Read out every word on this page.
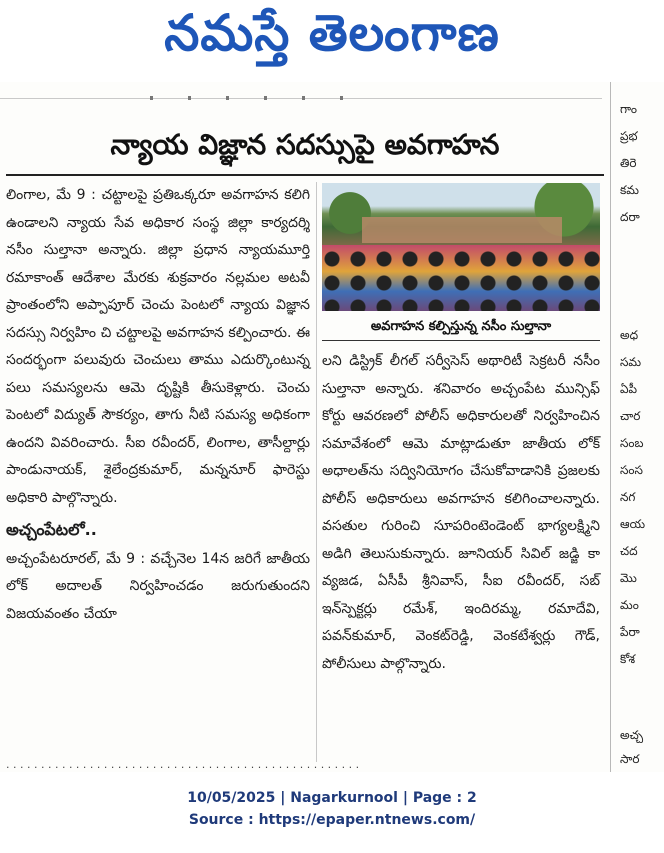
నమస్తే తెలంగాణ
గాం
ప్రభ
తిరె
కమ
దరా
అధ
సమ
ఏపీ
చార
సంబ
సంస
నగ
ఆయ
చద
మొ
మం
పేరా
కోశ
అచ్చ
సార
న్యాయ విజ్ఞాన సదస్సుపై అవగాహన

లింగాల, మే 9 : చట్టాలపై ప్రతిఒక్కరూ అవగాహన కలిగి ఉండాలని న్యాయ సేవ అధికార సంస్థ జిల్లా కార్యదర్శి నసీం సుల్తానా అన్నారు. జిల్లా ప్రధాన న్యాయమూర్తి రమాకాంత్ ఆదేశాల మేరకు శుక్రవారం నల్లమల అటవీ ప్రాంతంలోని అప్పాపూర్ చెంచు పెంటలో న్యాయ విజ్ఞాన సదస్సు నిర్వహిం చి చట్టాలపై అవగాహన కల్పించారు. ఈ సందర్భంగా పలువురు చెంచులు తాము ఎదుర్కొంటున్న పలు సమస్యలను ఆమె దృష్టికి తీసుకెళ్లారు. చెంచు పెంటలో విద్యుత్ సౌకర్యం, తాగు నీటి సమస్య అధికంగా ఉందని వివరించారు. సీఐ రవీందర్, లింగాల, తాసీల్దార్లు పాండునాయక్, శైలేంద్రకుమార్, మన్ననూర్ ఫారెస్టు అధికారి పాల్గొన్నారు.

అచ్చంపేటలో..

అచ్చంపేటరూరల్, మే 9 : వచ్చేనెల 14న జరిగే జాతీయ లోక్ అదాలత్ నిర్వహించడం జరుగుతుందని విజయవంతం చేయా

అవగాహన కల్పిస్తున్న నసీం సుల్తానా

లని డిస్ట్రిక్ లీగల్ సర్వీసెస్ అథారిటీ సెక్రటరీ నసీం సుల్తానా అన్నారు. శనివారం అచ్చంపేట మున్సిఫ్ కోర్టు ఆవరణలో పోలీస్ అధికారులతో నిర్వహించిన సమావేశంలో ఆమె మాట్లాడుతూ జాతీయ లోక్ అధాలత్‌ను సద్వినియోగం చేసుకోవాడానికి ప్రజలకు పోలీస్ అధికారులు అవగాహన కలిగించాలన్నారు. వసతుల గురించి సూపరింటెండెంట్ భాగ్యలక్ష్మిని అడిగి తెలుసుకున్నారు. జూనియర్ సివిల్ జడ్జి కా వ్యజడ, ఏసీపీ శ్రీనివాస్, సీఐ రవీందర్, సబ్ ఇన్‌స్పెక్టర్లు రమేశ్, ఇందిరమ్మ, రమాదేవి, పవన్‌కుమార్, వెంకట్‌రెడ్డి, వెంకటేశ్వర్లు గౌడ్, పోలీసులు పాల్గొన్నారు.

· · · · · · · · · · · · · · · · · · · · · · · · · · · · · · · · · · · · · · · · · · · · · · · · · · ·
10/05/2025 | Nagarkurnool | Page : 2
Source : https://epaper.ntnews.com/
